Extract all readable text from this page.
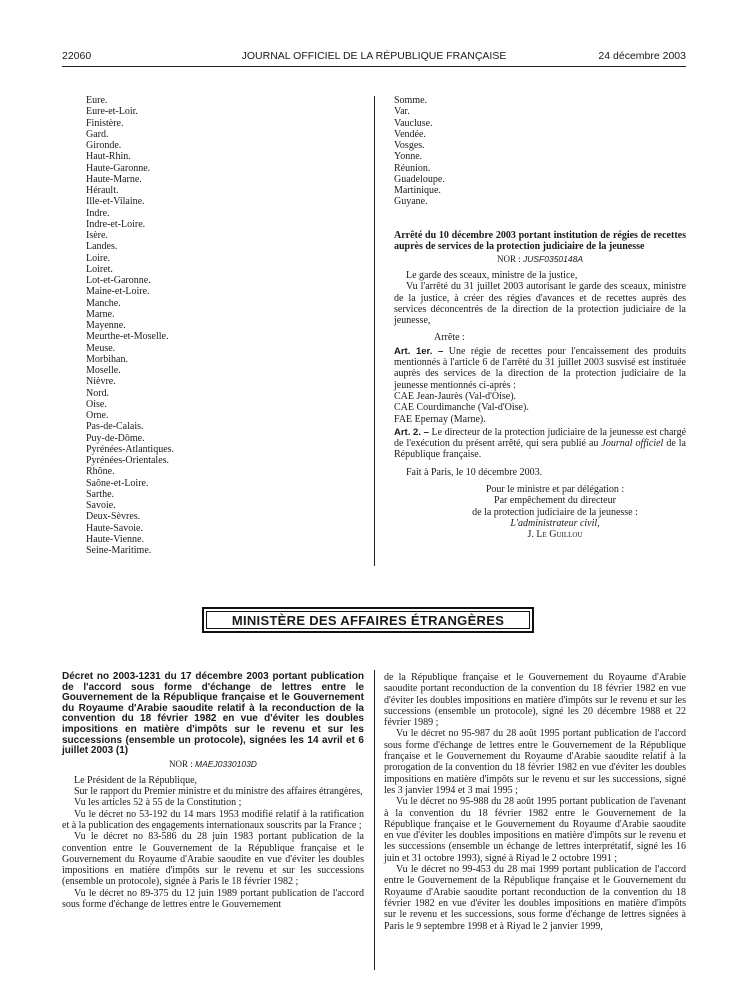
22060	JOURNAL OFFICIEL DE LA RÉPUBLIQUE FRANÇAISE	24 décembre 2003
Eure.
Eure-et-Loir.
Finistère.
Gard.
Gironde.
Haut-Rhin.
Haute-Garonne.
Haute-Marne.
Hérault.
Ille-et-Vilaine.
Indre.
Indre-et-Loire.
Isère.
Landes.
Loire.
Loiret.
Lot-et-Garonne.
Maine-et-Loire.
Manche.
Marne.
Mayenne.
Meurthe-et-Moselle.
Meuse.
Morbihan.
Moselle.
Nièvre.
Nord.
Oise.
Orne.
Pas-de-Calais.
Puy-de-Dôme.
Pyrénées-Atlantiques.
Pyrénées-Orientales.
Rhône.
Saône-et-Loire.
Sarthe.
Savoie.
Deux-Sèvres.
Haute-Savoie.
Haute-Vienne.
Seine-Maritime.
Somme.
Var.
Vaucluse.
Vendée.
Vosges.
Yonne.
Réunion.
Guadeloupe.
Martinique.
Guyane.

Arrêté du 10 décembre 2003 portant institution de régies de recettes auprès de services de la protection judiciaire de la jeunesse

NOR : JUSF0350148A

Le garde des sceaux, ministre de la justice,

Vu l'arrêté du 31 juillet 2003 autorisant le garde des sceaux, ministre de la justice, à créer des régies d'avances et de recettes auprès des services déconcentrés de la direction de la protection judiciaire de la jeunesse,

Arrête :

Art. 1er. – Une régie de recettes pour l'encaissement des produits mentionnés à l'article 6 de l'arrêté du 31 juillet 2003 susvisé est instituée auprès des services de la direction de la protection judiciaire de la jeunesse mentionnés ci-après :

CAE Jean-Jaurès (Val-d'Oise).
CAE Courdimanche (Val-d'Oise).
FAE Epernay (Marne).

Art. 2. – Le directeur de la protection judiciaire de la jeunesse est chargé de l'exécution du présent arrêté, qui sera publié au Journal officiel de la République française.

Fait à Paris, le 10 décembre 2003.

Pour le ministre et par délégation :
Par empêchement du directeur
de la protection judiciaire de la jeunesse :
L'administrateur civil,
J. Le Guillou
MINISTÈRE DES AFFAIRES ÉTRANGÈRES

Décret no 2003-1231 du 17 décembre 2003 portant publication de l'accord sous forme d'échange de lettres entre le Gouvernement de la République française et le Gouvernement du Royaume d'Arabie saoudite relatif à la reconduction de la convention du 18 février 1982 en vue d'éviter les doubles impositions en matière d'impôts sur le revenu et sur les successions (ensemble un protocole), signées les 14 avril et 6 juillet 2003 (1)

NOR : MAEJ0330103D

Le Président de la République,

Sur le rapport du Premier ministre et du ministre des affaires étrangères,

Vu les articles 52 à 55 de la Constitution ;

Vu le décret no 53-192 du 14 mars 1953 modifié relatif à la ratification et à la publication des engagements internationaux souscrits par la France ;

Vu le décret no 83-586 du 28 juin 1983 portant publication de la convention entre le Gouvernement de la République française et le Gouvernement du Royaume d'Arabie saoudite en vue d'éviter les doubles impositions en matière d'impôts sur le revenu et sur les successions (ensemble un protocole), signée à Paris le 18 février 1982 ;

Vu le décret no 89-375 du 12 juin 1989 portant publication de l'accord sous forme d'échange de lettres entre le Gouvernement

de la République française et le Gouvernement du Royaume d'Arabie saoudite portant reconduction de la convention du 18 février 1982 en vue d'éviter les doubles impositions en matière d'impôts sur le revenu et sur les successions (ensemble un protocole), signé les 20 décembre 1988 et 22 février 1989 ;

Vu le décret no 95-987 du 28 août 1995 portant publication de l'accord sous forme d'échange de lettres entre le Gouvernement de la République française et le Gouvernement du Royaume d'Arabie saoudite relatif à la prorogation de la convention du 18 février 1982 en vue d'éviter les doubles impositions en matière d'impôts sur le revenu et sur les successions, signé les 3 janvier 1994 et 3 mai 1995 ;

Vu le décret no 95-988 du 28 août 1995 portant publication de l'avenant à la convention du 18 février 1982 entre le Gouvernement de la République française et le Gouvernement du Royaume d'Arabie saoudite en vue d'éviter les doubles impositions en matière d'impôts sur le revenu et les successions (ensemble un échange de lettres interprétatif, signé les 16 juin et 31 octobre 1993), signé à Riyad le 2 octobre 1991 ;

Vu le décret no 99-453 du 28 mai 1999 portant publication de l'accord entre le Gouvernement de la République française et le Gouvernement du Royaume d'Arabie saoudite portant reconduction de la convention du 18 février 1982 en vue d'éviter les doubles impositions en matière d'impôts sur le revenu et les successions, sous forme d'échange de lettres signées à Paris le 9 septembre 1998 et à Riyad le 2 janvier 1999,
